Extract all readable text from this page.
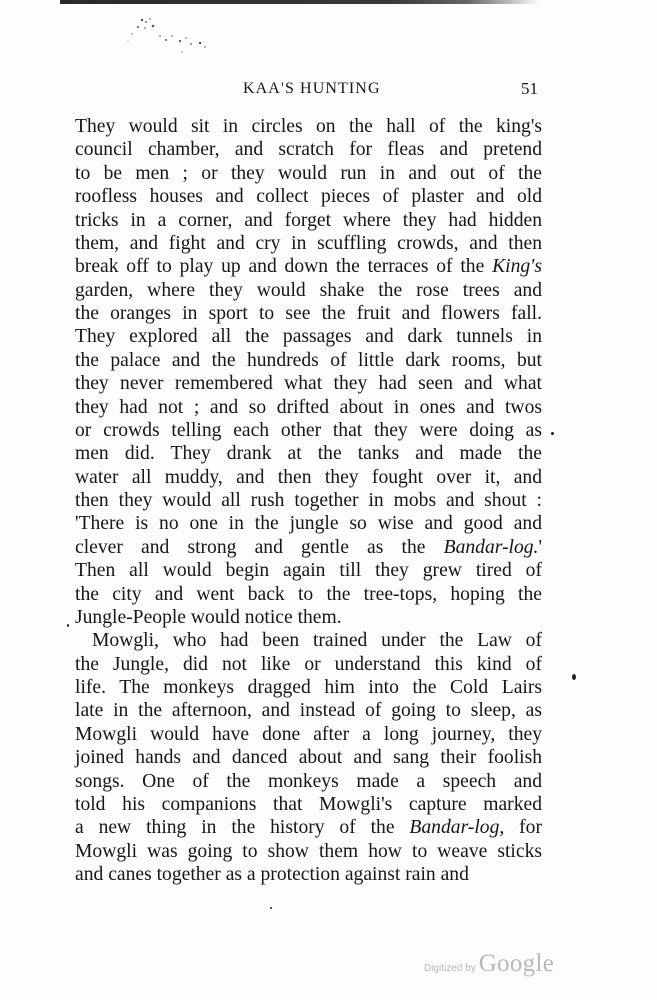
KAA'S HUNTING	51
They would sit in circles on the hall of the king's
council chamber, and scratch for fleas and pretend
to be men ; or they would run in and out of the
roofless houses and collect pieces of plaster and old
tricks in a corner, and forget where they had hidden
them, and fight and cry in scuffling crowds, and then
break off to play up and down the terraces of the King's
garden, where they would shake the rose trees and
the oranges in sport to see the fruit and flowers fall.
They explored all the passages and dark tunnels in
the palace and the hundreds of little dark rooms, but
they never remembered what they had seen and what
they had not ; and so drifted about in ones and twos
or crowds telling each other that they were doing as
men did. They drank at the tanks and made the
water all muddy, and then they fought over it, and
then they would all rush together in mobs and shout :
'There is no one in the jungle so wise and good and
clever and strong and gentle as the Bandar-log.'
Then all would begin again till they grew tired of
the city and went back to the tree-tops, hoping the
Jungle-People would notice them.
Mowgli, who had been trained under the Law of
the Jungle, did not like or understand this kind of
life. The monkeys dragged him into the Cold Lairs
late in the afternoon, and instead of going to sleep, as
Mowgli would have done after a long journey, they
joined hands and danced about and sang their foolish
songs. One of the monkeys made a speech and
told his companions that Mowgli's capture marked
a new thing in the history of the Bandar-log, for
Mowgli was going to show them how to weave sticks
and canes together as a protection against rain and
Digitized by Google
